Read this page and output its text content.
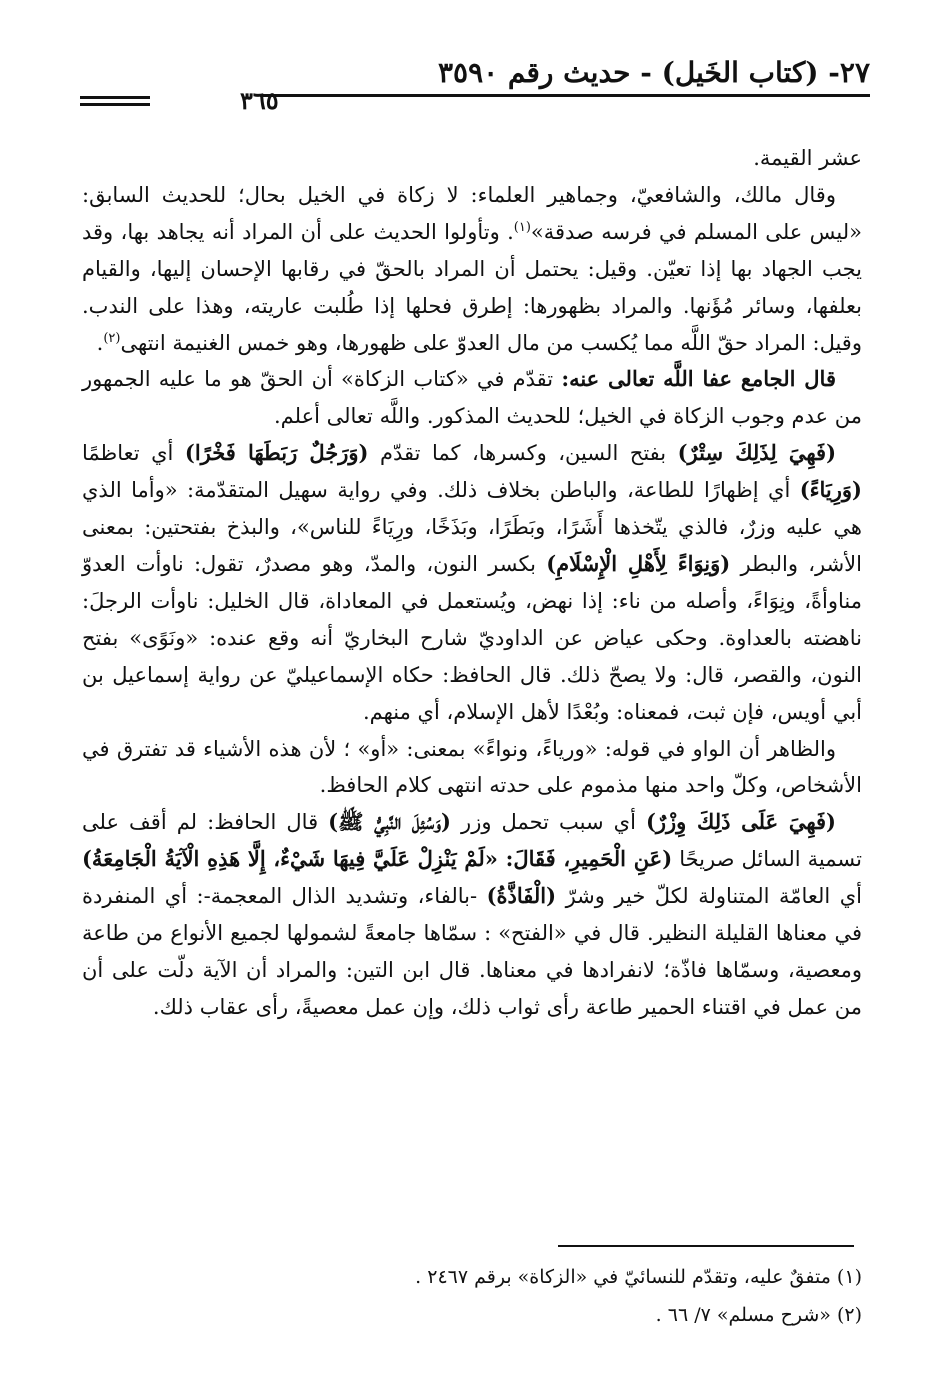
٢٧- (كتاب الخَيل) - حديث رقم ٣٥٩٠
٣٦٥

عشر القيمة.

وقال مالك، والشافعيّ، وجماهير العلماء: لا زكاة في الخيل بحال؛ للحديث السابق: «ليس على المسلم في فرسه صدقة»$^{(١)}$. وتأولوا الحديث على أن المراد أنه يجاهد بها، وقد يجب الجهاد بها إذا تعيّن. وقيل: يحتمل أن المراد بالحقّ في رقابها الإحسان إليها، والقيام بعلفها، وسائر مُؤَنها. والمراد بظهورها: إطرق فحلها إذا طُلبت عاريته، وهذا على الندب. وقيل: المراد حقّ اللَّه مما يُكسب من مال العدوّ على ظهورها، وهو خمس الغنيمة انتهى$^{(٢)}$.

قال الجامع عفا اللَّه تعالى عنه: تقدّم في «كتاب الزكاة» أن الحقّ هو ما عليه الجمهور من عدم وجوب الزكاة في الخيل؛ للحديث المذكور. واللَّه تعالى أعلم.

(فَهِيَ لِذَلِكَ سِتْرٌ) بفتح السين، وكسرها، كما تقدّم (وَرَجُلٌ رَبَطَهَا فَخْرًا) أي تعاظمًا (وَرِيَاءً) أي إظهارًا للطاعة، والباطن بخلاف ذلك. وفي رواية سهيل المتقدّمة: «وأما الذي هي عليه وزرٌ، فالذي يتّخذها أَشَرًا، وبَطَرًا، وبَذَخًا، ورِيَاءً للناس»، والبذخ بفتحتين: بمعنى الأشر، والبطر (وَنِوَاءً لِأَهْلِ الْإِسْلَامِ) بكسر النون، والمدّ، وهو مصدرٌ، تقول: ناوأت العدوّ مناوأةً، ونِوَاءً، وأصله من ناء: إذا نهض، ويُستعمل في المعاداة، قال الخليل: ناوأت الرجلَ: ناهضته بالعداوة. وحكى عياض عن الداوديّ شارح البخاريّ أنه وقع عنده: «ونَوًى» بفتح النون، والقصر، قال: ولا يصحّ ذلك. قال الحافظ: حكاه الإسماعيليّ عن رواية إسماعيل بن أبي أويس، فإن ثبت، فمعناه: وبُعْدًا لأهل الإسلام، أي منهم.

والظاهر أن الواو في قوله: «ورياءً، ونواءً» بمعنى: «أو» ؛ لأن هذه الأشياء قد تفترق في الأشخاص، وكلّ واحد منها مذموم على حدته انتهى كلام الحافظ.

(فَهِيَ عَلَى ذَلِكَ وِزْرٌ) أي سبب تحمل وزر (وَسُئِلَ النَّبِيُّ ﷺ) قال الحافظ: لم أقف على تسمية السائل صريحًا (عَنِ الْحَمِيرِ، فَقَالَ: «لَمْ يَنْزِلْ عَلَيَّ فِيهَا شَيْءٌ، إِلَّا هَذِهِ الْآيَةُ الْجَامِعَةُ) أي العامّة المتناولة لكلّ خير وشرّ (الْفَاذَّةُ) -بالفاء، وتشديد الذال المعجمة-: أي المنفردة في معناها القليلة النظير. قال في «الفتح» : سمّاها جامعةً لشمولها لجميع الأنواع من طاعة ومعصية، وسمّاها فاذّة؛ لانفرادها في معناها. قال ابن التين: والمراد أن الآية دلّت على أن من عمل في اقتناء الحمير طاعة رأى ثواب ذلك، وإن عمل معصيةً، رأى عقاب ذلك.

(١) متفقٌ عليه، وتقدّم للنسائيّ في «الزكاة» برقم ٢٤٦٧ .

(٢) «شرح مسلم» ٧/ ٦٦ .
